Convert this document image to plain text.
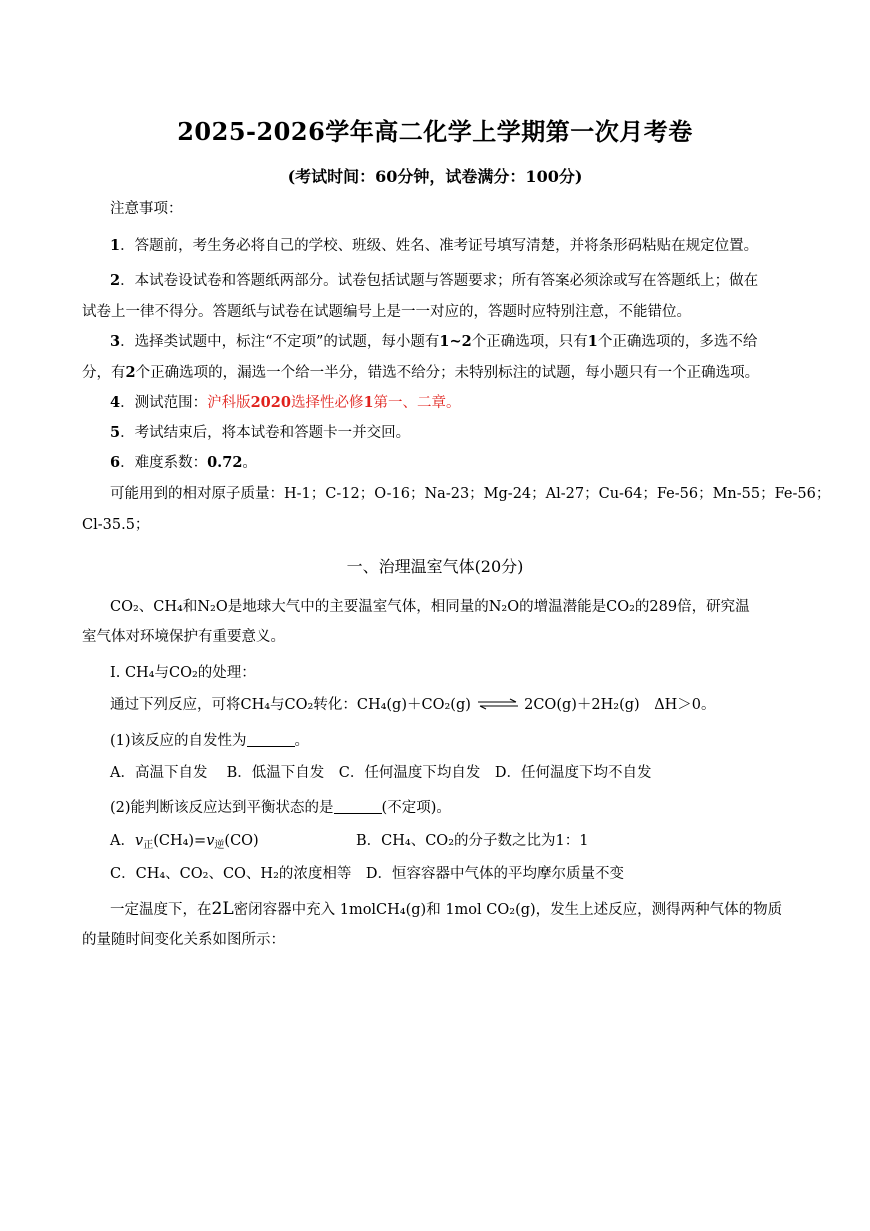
2025-2026学年高二化学上学期第一次月考卷
(考试时间：60分钟，试卷满分：100分)
注意事项：
1．答题前，考生务必将自己的学校、班级、姓名、准考证号填写清楚，并将条形码粘贴在规定位置。
2．本试卷设试卷和答题纸两部分。试卷包括试题与答题要求；所有答案必须涂或写在答题纸上；做在
试卷上一律不得分。答题纸与试卷在试题编号上是一一对应的，答题时应特别注意，不能错位。
3．选择类试题中，标注“不定项”的试题，每小题有1~2个正确选项，只有1个正确选项的，多选不给
分，有2个正确选项的，漏选一个给一半分，错选不给分；未特别标注的试题，每小题只有一个正确选项。
4．测试范围：沪科版2020选择性必修1第一、二章。
5．考试结束后，将本试卷和答题卡一并交回。
6．难度系数：0.72。
可能用到的相对原子质量：H-1；C-12；O-16；Na-23；Mg-24；Al-27；Cu-64；Fe-56；Mn-55；Fe-56；
Cl-35.5；
一、治理温室气体(20分)
CO₂、CH₄和N₂O是地球大气中的主要温室气体，相同量的N₂O的增温潜能是CO₂的289倍，研究温
室气体对环境保护有重要意义。
I. CH₄与CO₂的处理：
通过下列反应，可将CH₄与CO₂转化：CH₄(g)＋CO₂(g) ⇌ 2CO(g)＋2H₂(g)　ΔH＞0。
(1)该反应的自发性为	。
A．高温下自发　 B．低温下自发　C．任何温度下均自发　D．任何温度下均不自发
(2)能判断该反应达到平衡状态的是	(不定项)。
A．$v_正(CH_4)=v_逆(CO)$	B．CH₄、CO₂的分子数之比为1：1
C．CH₄、CO₂、CO、H₂的浓度相等　D．恒容容器中气体的平均摩尔质量不变
一定温度下，在2L密闭容器中充入 1molCH₄(g)和 1mol CO₂(g)，发生上述反应，测得两种气体的物质
的量随时间变化关系如图所示：
